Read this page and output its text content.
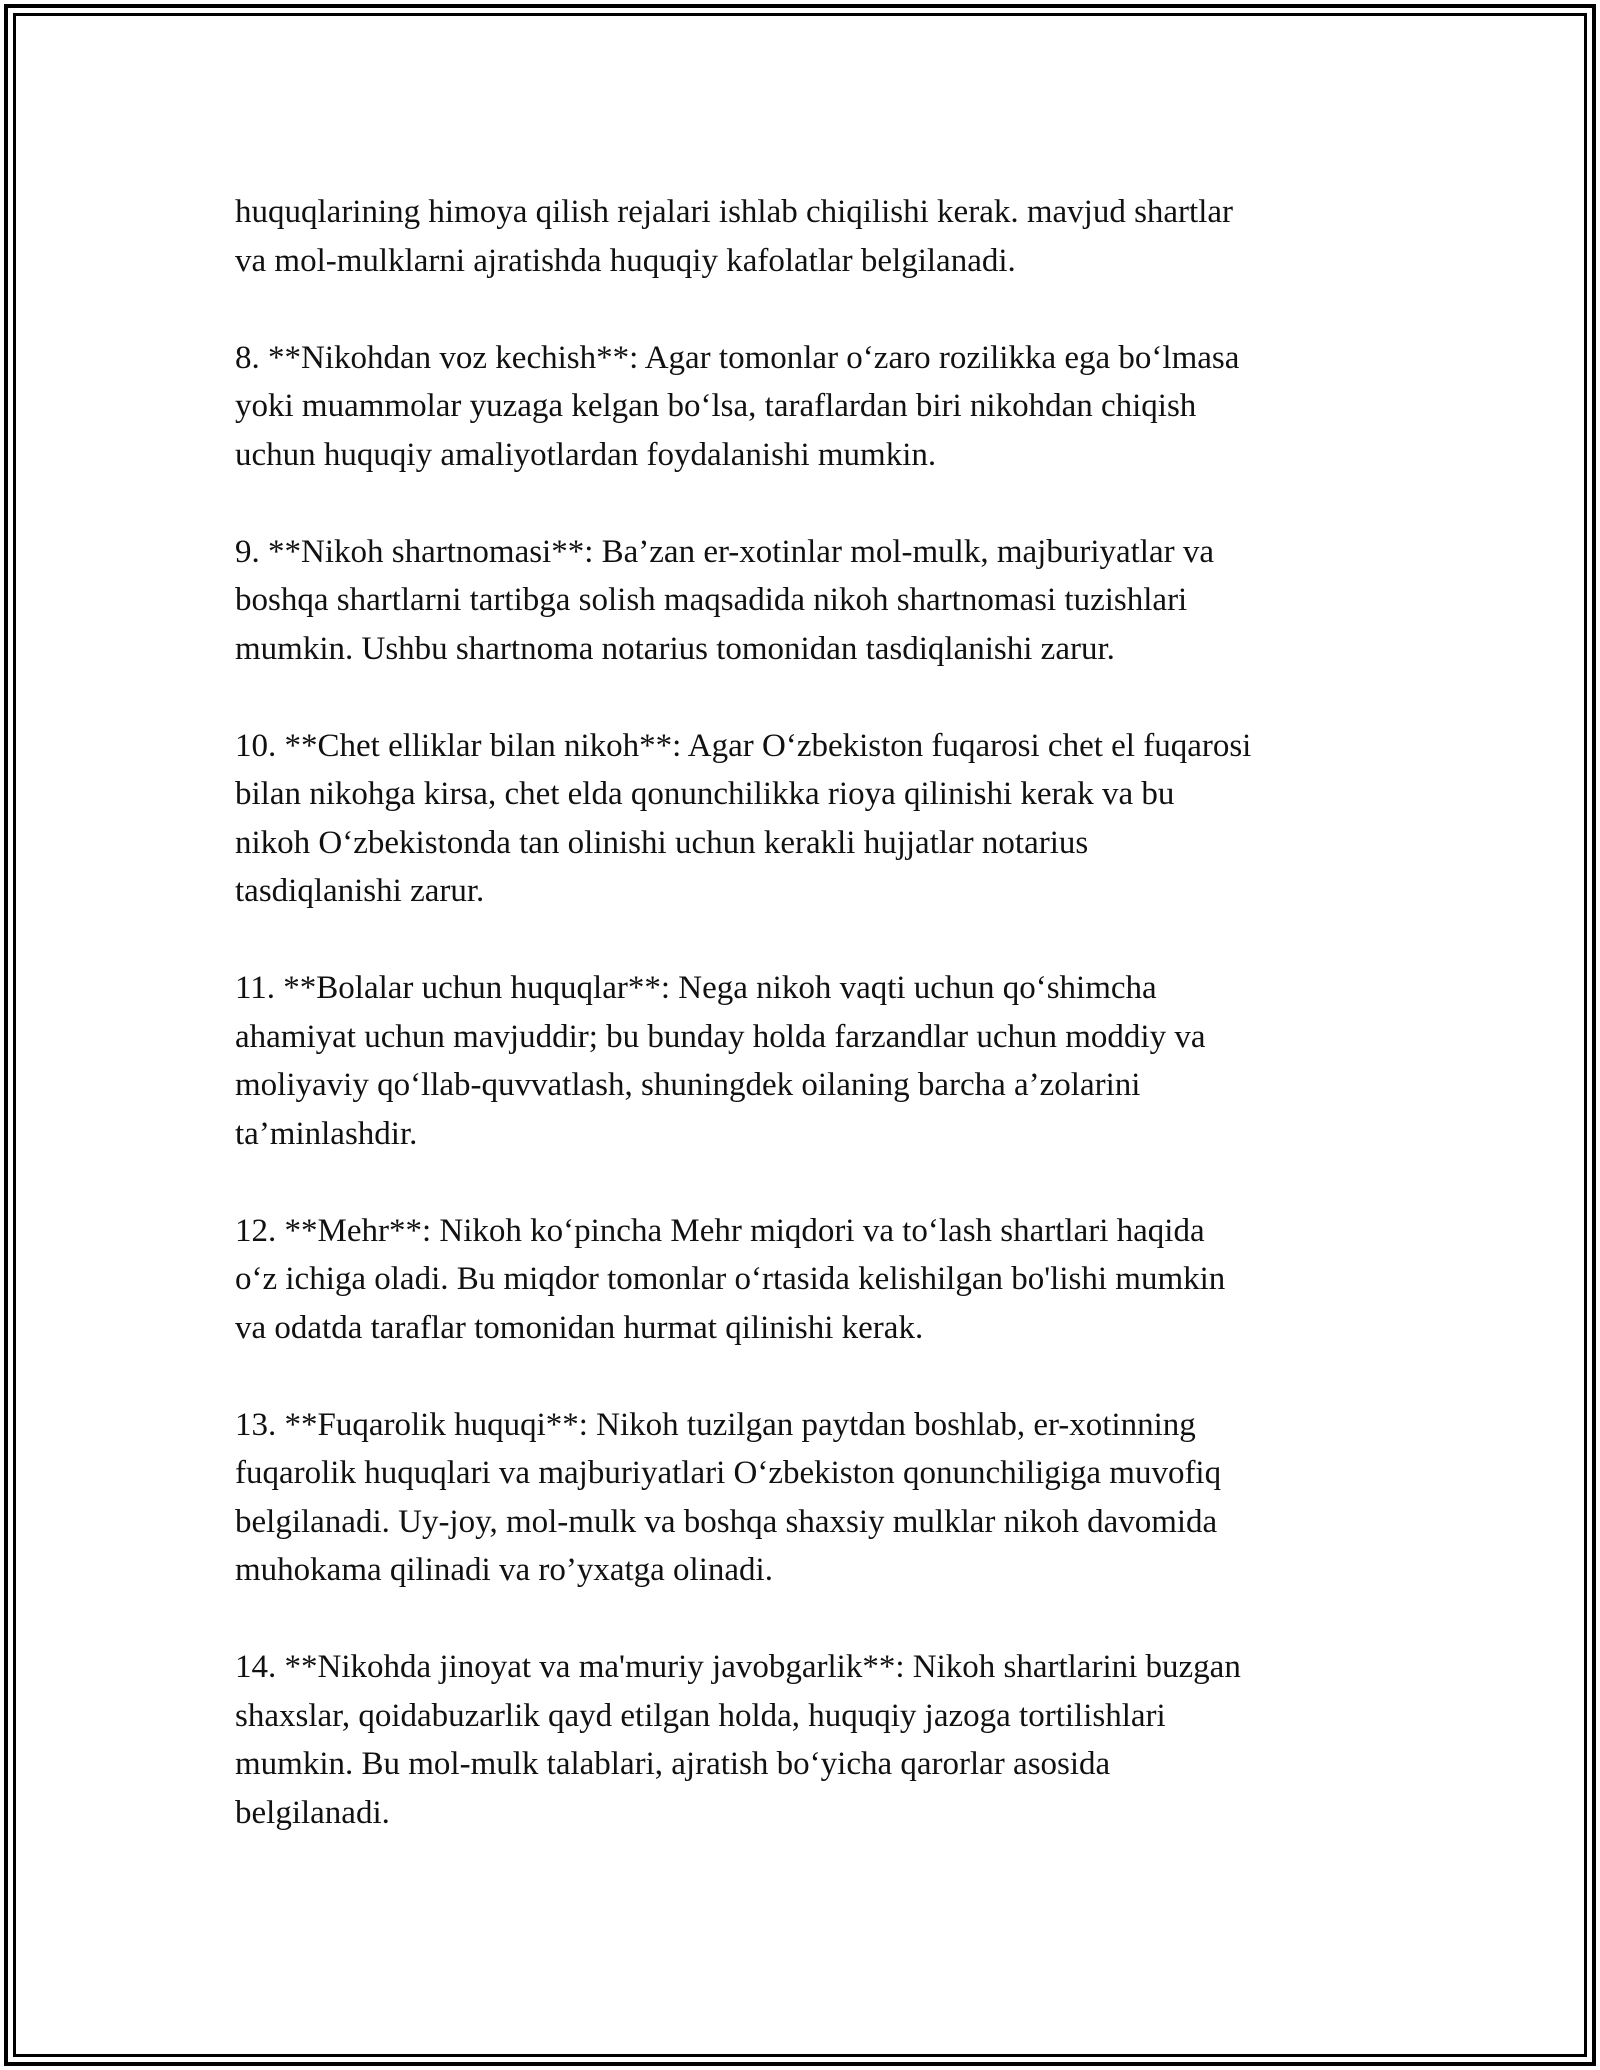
huquqlarining himoya qilish rejalari ishlab chiqilishi kerak. mavjud shartlar
va mol-mulklarni ajratishda huquqiy kafolatlar belgilanadi.

8. **Nikohdan voz kechish**: Agar tomonlar o‘zaro rozilikka ega bo‘lmasa
yoki muammolar yuzaga kelgan bo‘lsa, taraflardan biri nikohdan chiqish
uchun huquqiy amaliyotlardan foydalanishi mumkin.

9. **Nikoh shartnomasi**: Ba’zan er-xotinlar mol-mulk, majburiyatlar va
boshqa shartlarni tartibga solish maqsadida nikoh shartnomasi tuzishlari
mumkin. Ushbu shartnoma notarius tomonidan tasdiqlanishi zarur.

10. **Chet elliklar bilan nikoh**: Agar O‘zbekiston fuqarosi chet el fuqarosi
bilan nikohga kirsa, chet elda qonunchilikka rioya qilinishi kerak va bu
nikoh O‘zbekistonda tan olinishi uchun kerakli hujjatlar notarius
tasdiqlanishi zarur.

11. **Bolalar uchun huquqlar**: Nega nikoh vaqti uchun qo‘shimcha
ahamiyat uchun mavjuddir; bu bunday holda farzandlar uchun moddiy va
moliyaviy qo‘llab-quvvatlash, shuningdek oilaning barcha a’zolarini
ta’minlashdir.

12. **Mehr**: Nikoh ko‘pincha Mehr miqdori va to‘lash shartlari haqida
o‘z ichiga oladi. Bu miqdor tomonlar o‘rtasida kelishilgan bo'lishi mumkin
va odatda taraflar tomonidan hurmat qilinishi kerak.

13. **Fuqarolik huquqi**: Nikoh tuzilgan paytdan boshlab, er-xotinning
fuqarolik huquqlari va majburiyatlari O‘zbekiston qonunchiligiga muvofiq
belgilanadi. Uy-joy, mol-mulk va boshqa shaxsiy mulklar nikoh davomida
muhokama qilinadi va ro’yxatga olinadi.

14. **Nikohda jinoyat va ma'muriy javobgarlik**: Nikoh shartlarini buzgan
shaxslar, qoidabuzarlik qayd etilgan holda, huquqiy jazoga tortilishlari
mumkin. Bu mol-mulk talablari, ajratish bo‘yicha qarorlar asosida
belgilanadi.
